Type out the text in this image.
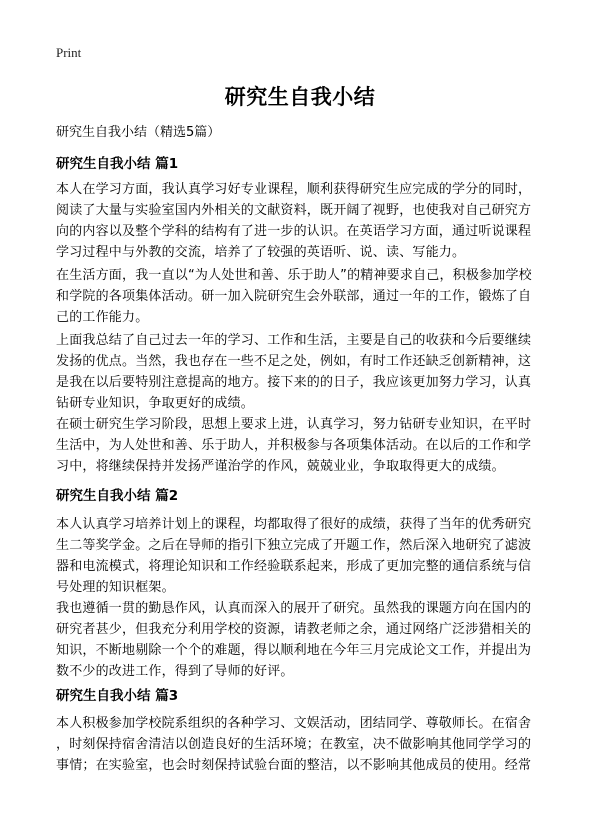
Print
研究生自我小结
研究生自我小结（精选5篇）
研究生自我小结 篇1
本人在学习方面，我认真学习好专业课程，顺利获得研究生应完成的学分的同时，
阅读了大量与实验室国内外相关的文献资料，既开阔了视野，也使我对自己研究方
向的内容以及整个学科的结构有了进一步的认识。在英语学习方面，通过听说课程
学习过程中与外教的交流，培养了了较强的英语听、说、读、写能力。
在生活方面，我一直以“为人处世和善、乐于助人”的精神要求自己，积极参加学校
和学院的各项集体活动。研一加入院研究生会外联部，通过一年的工作，锻炼了自
己的工作能力。
上面我总结了自己过去一年的学习、工作和生活，主要是自己的收获和今后要继续
发扬的优点。当然，我也存在一些不足之处，例如，有时工作还缺乏创新精神，这
是我在以后要特别注意提高的地方。接下来的的日子，我应该更加努力学习，认真
钻研专业知识，争取更好的成绩。
在硕士研究生学习阶段，思想上要求上进，认真学习，努力钻研专业知识，在平时
生活中，为人处世和善、乐于助人，并积极参与各项集体活动。在以后的工作和学
习中，将继续保持并发扬严谨治学的作风，兢兢业业，争取取得更大的成绩。
研究生自我小结 篇2
本人认真学习培养计划上的课程，均都取得了很好的成绩，获得了当年的优秀研究
生二等奖学金。之后在导师的指引下独立完成了开题工作，然后深入地研究了滤波
器和电流模式，将理论知识和工作经验联系起来，形成了更加完整的通信系统与信
号处理的知识框架。
我也遵循一贯的勤恳作风，认真而深入的展开了研究。虽然我的课题方向在国内的
研究者甚少，但我充分利用学校的资源，请教老师之余，通过网络广泛涉猎相关的
知识，不断地剔除一个个的难题，得以顺利地在今年三月完成论文工作，并提出为
数不少的改进工作，得到了导师的好评。
研究生自我小结 篇3
本人积极参加学校院系组织的各种学习、文娱活动，团结同学、尊敬师长。在宿舍
，时刻保持宿舍清洁以创造良好的生活环境；在教室，决不做影响其他同学学习的
事情；在实验室，也会时刻保持试验台面的整洁，以不影响其他成员的使用。经常
